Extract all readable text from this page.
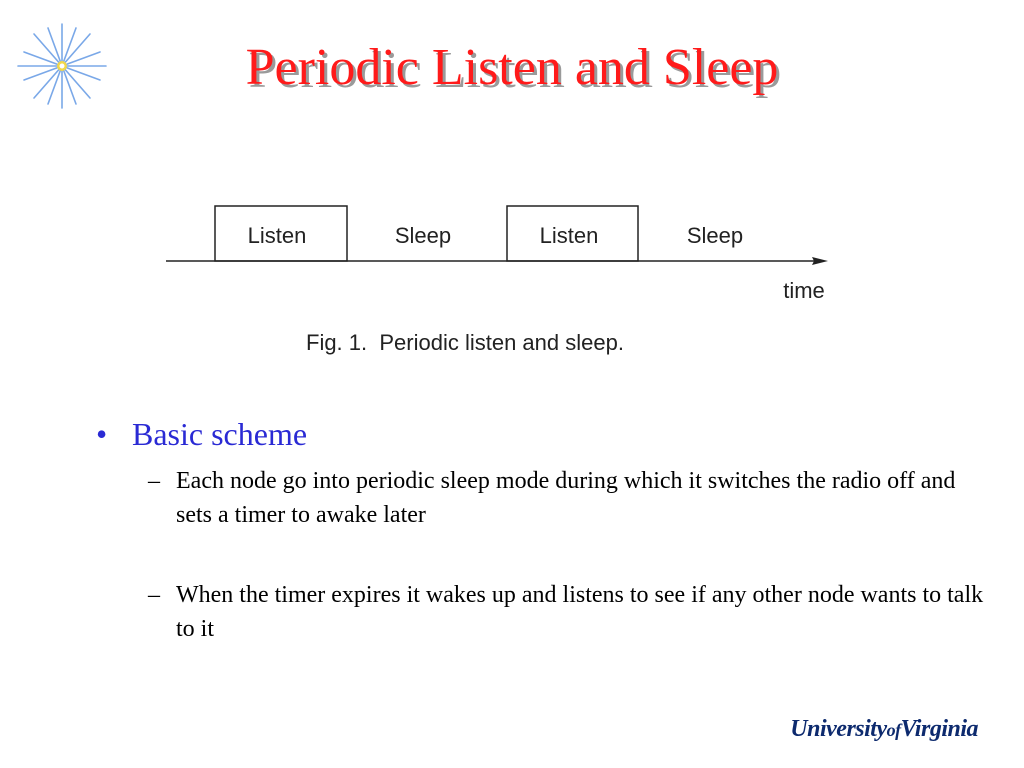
Periodic Listen and Sleep
Listen	Sleep	Listen	Sleep
time
Fig. 1.  Periodic listen and sleep.
• Basic scheme
– Each node go into periodic sleep mode during which it switches the radio off and sets a timer to awake later
– When the timer expires it wakes up and listens to see if any other node wants to talk to it
UniversityofVirginia
